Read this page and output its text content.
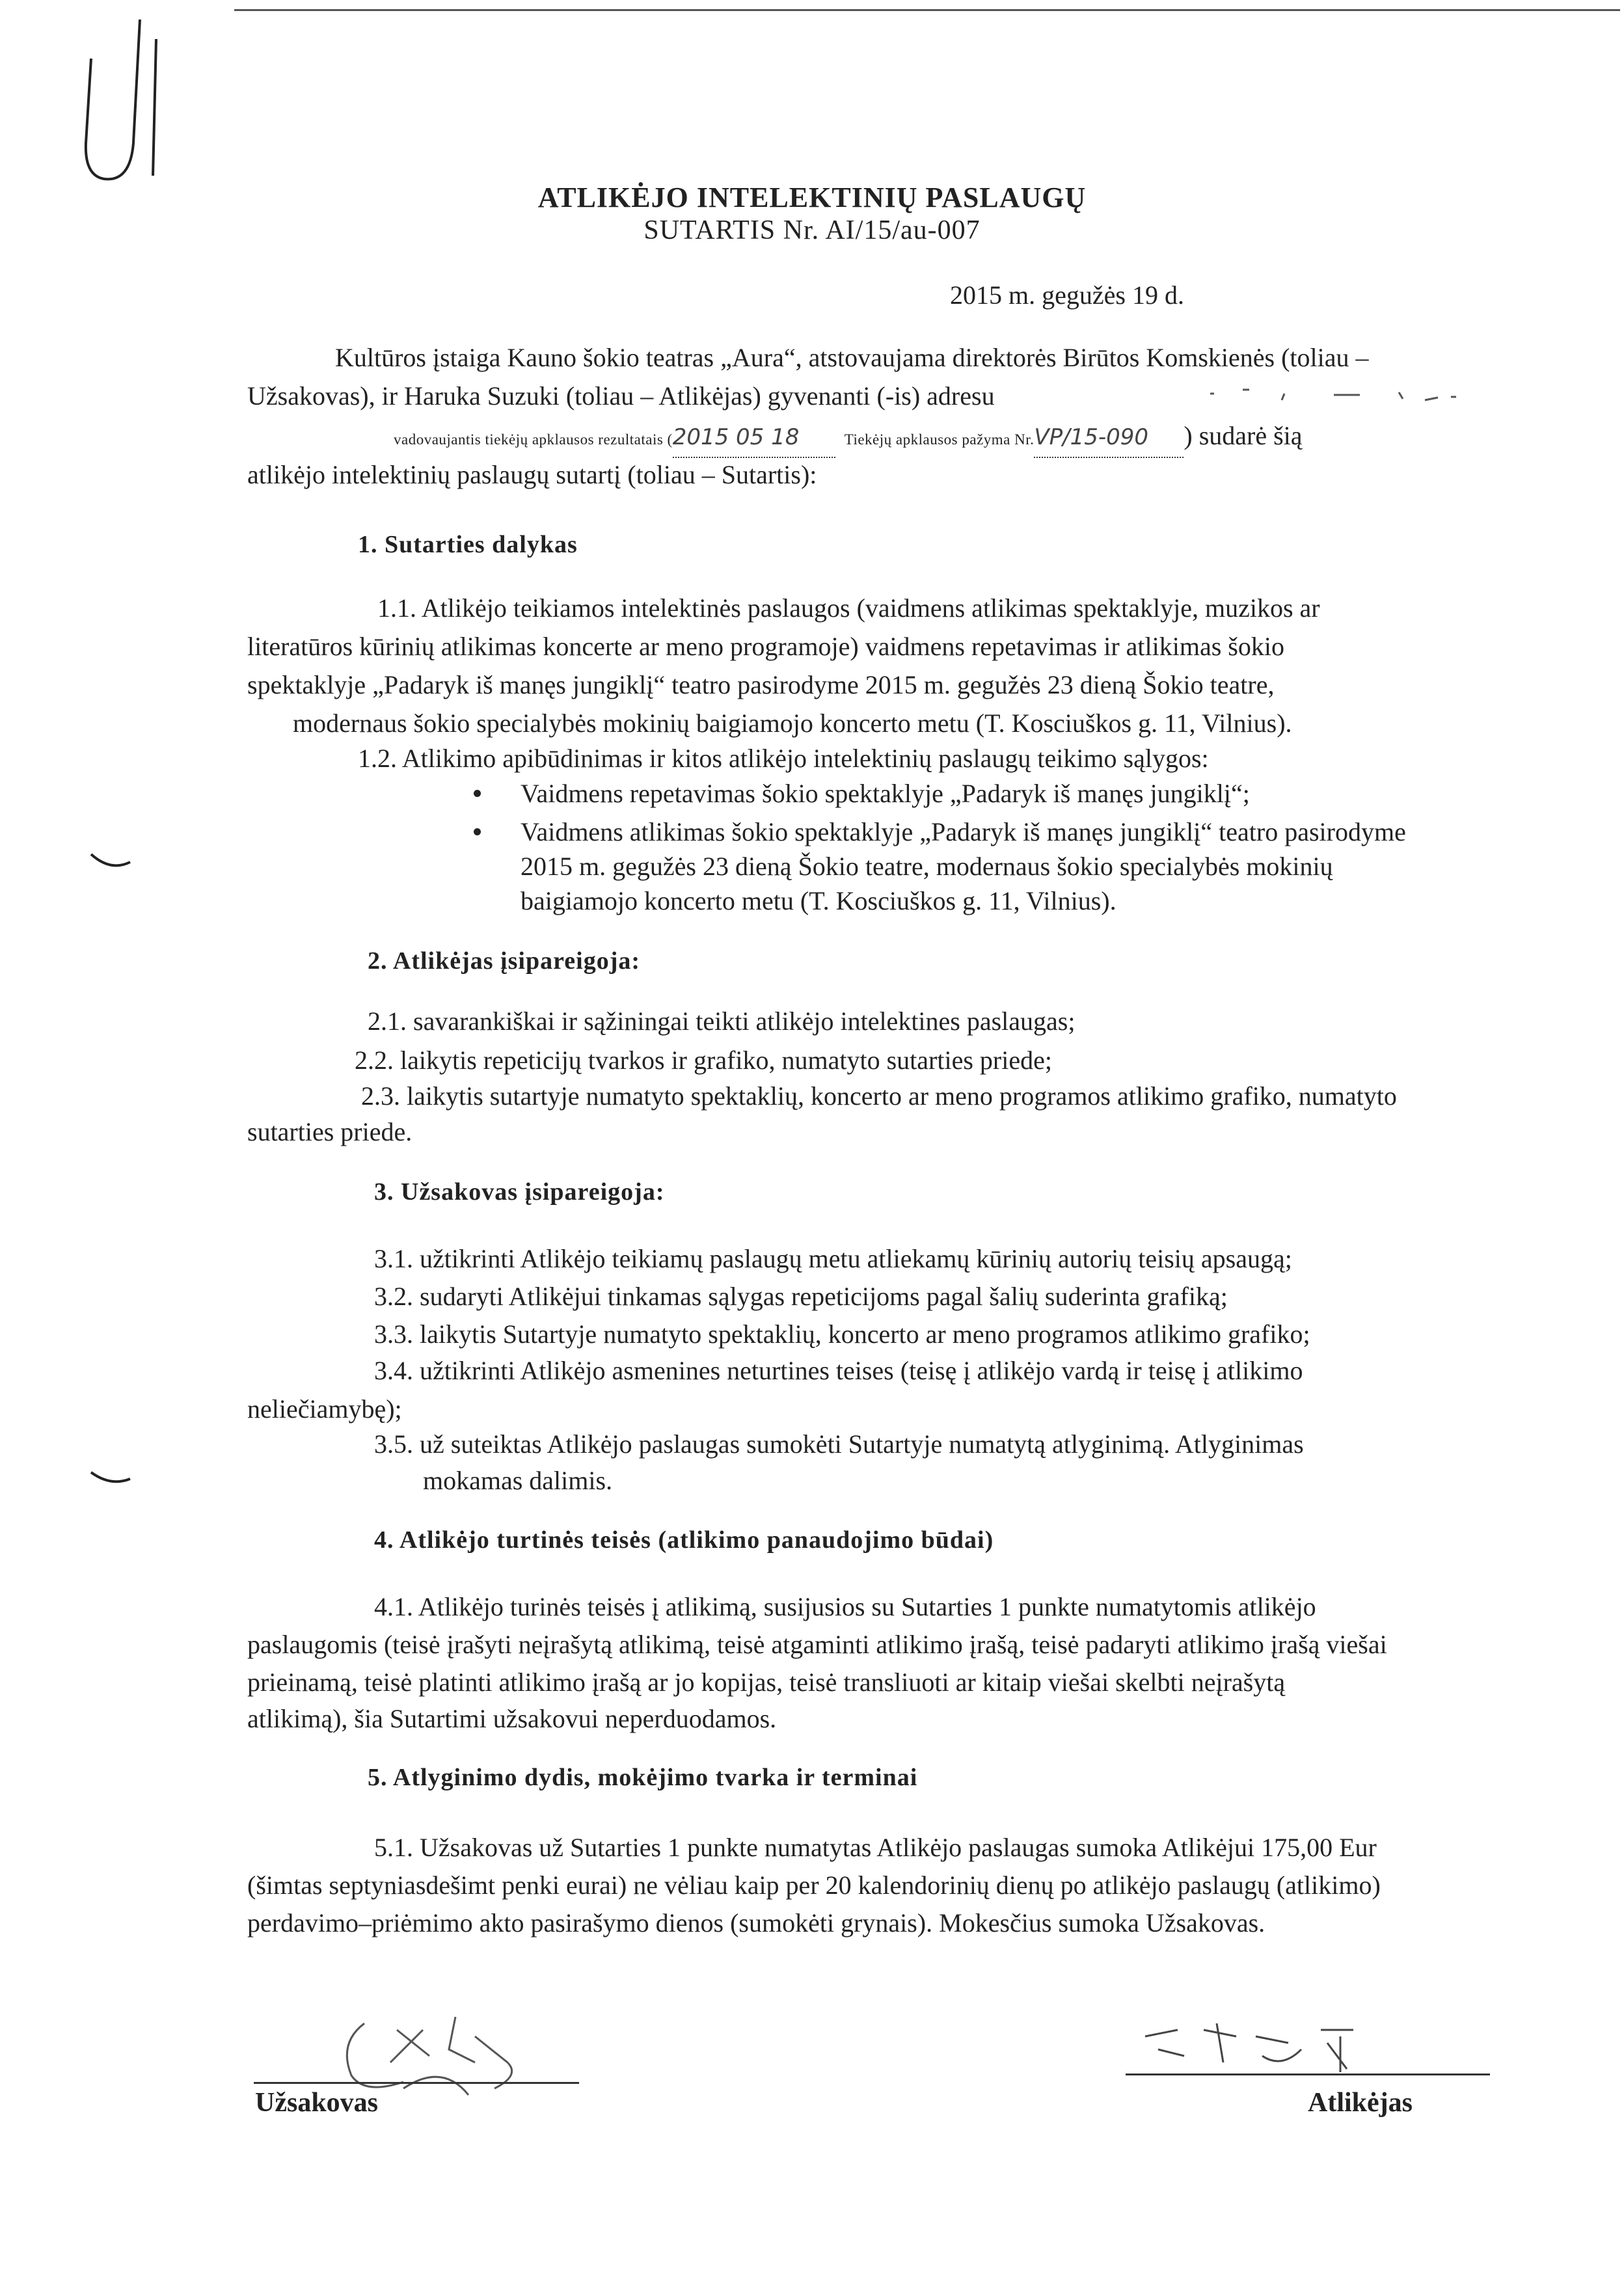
ATLIKĖJO INTELEKTINIŲ PASLAUGŲ
SUTARTIS Nr. AI/15/au-007
2015 m. gegužės 19 d.
Kultūros įstaiga Kauno šokio teatras „Aura“, atstovaujama direktorės Birūtos Komskienės (toliau –
Užsakovas), ir Haruka Suzuki (toliau – Atlikėjas) gyvenanti (-is) adresu
vadovaujantis tiekėjų apklausos rezultatais (2015 05 18	Tiekėjų apklausos pažyma Nr.VP/15-090 ) sudarė šią
atlikėjo intelektinių paslaugų sutartį (toliau – Sutartis):
1. Sutarties dalykas
1.1. Atlikėjo teikiamos intelektinės paslaugos (vaidmens atlikimas spektaklyje, muzikos ar
literatūros kūrinių atlikimas koncerte ar meno programoje) vaidmens repetavimas ir atlikimas šokio
spektaklyje „Padaryk iš manęs jungiklį“ teatro pasirodyme 2015 m. gegužės 23 dieną Šokio teatre,
modernaus šokio specialybės mokinių baigiamojo koncerto metu (T. Kosciuškos g. 11, Vilnius).
1.2. Atlikimo apibūdinimas ir kitos atlikėjo intelektinių paslaugų teikimo sąlygos:
Vaidmens repetavimas šokio spektaklyje „Padaryk iš manęs jungiklį“;
Vaidmens atlikimas šokio spektaklyje „Padaryk iš manęs jungiklį“ teatro pasirodyme
2015 m. gegužės 23 dieną Šokio teatre, modernaus šokio specialybės mokinių
baigiamojo koncerto metu (T. Kosciuškos g. 11, Vilnius).
2. Atlikėjas įsipareigoja:
2.1. savarankiškai ir sąžiningai teikti atlikėjo intelektines paslaugas;
2.2. laikytis repeticijų tvarkos ir grafiko, numatyto sutarties priede;
2.3. laikytis sutartyje numatyto spektaklių, koncerto ar meno programos atlikimo grafiko, numatyto
sutarties priede.
3. Užsakovas įsipareigoja:
3.1. užtikrinti Atlikėjo teikiamų paslaugų metu atliekamų kūrinių autorių teisių apsaugą;
3.2. sudaryti Atlikėjui tinkamas sąlygas repeticijoms pagal šalių suderinta grafiką;
3.3. laikytis Sutartyje numatyto spektaklių, koncerto ar meno programos atlikimo grafiko;
3.4. užtikrinti Atlikėjo asmenines neturtines teises (teisę į atlikėjo vardą ir teisę į atlikimo
neliečiamybę);
3.5. už suteiktas Atlikėjo paslaugas sumokėti Sutartyje numatytą atlyginimą. Atlyginimas
mokamas dalimis.
4. Atlikėjo turtinės teisės (atlikimo panaudojimo būdai)
4.1. Atlikėjo turinės teisės į atlikimą, susijusios su Sutarties 1 punkte numatytomis atlikėjo
paslaugomis (teisė įrašyti neįrašytą atlikimą, teisė atgaminti atlikimo įrašą, teisė padaryti atlikimo įrašą viešai
prieinamą, teisė platinti atlikimo įrašą ar jo kopijas, teisė transliuoti ar kitaip viešai skelbti neįrašytą
atlikimą), šia Sutartimi užsakovui neperduodamos.
5. Atlyginimo dydis, mokėjimo tvarka ir terminai
5.1. Užsakovas už Sutarties 1 punkte numatytas Atlikėjo paslaugas sumoka Atlikėjui 175,00 Eur
(šimtas septyniasdešimt penki eurai) ne vėliau kaip per 20 kalendorinių dienų po atlikėjo paslaugų (atlikimo)
perdavimo–priėmimo akto pasirašymo dienos (sumokėti grynais). Mokesčius sumoka Užsakovas.
Užsakovas	Atlikėjas
